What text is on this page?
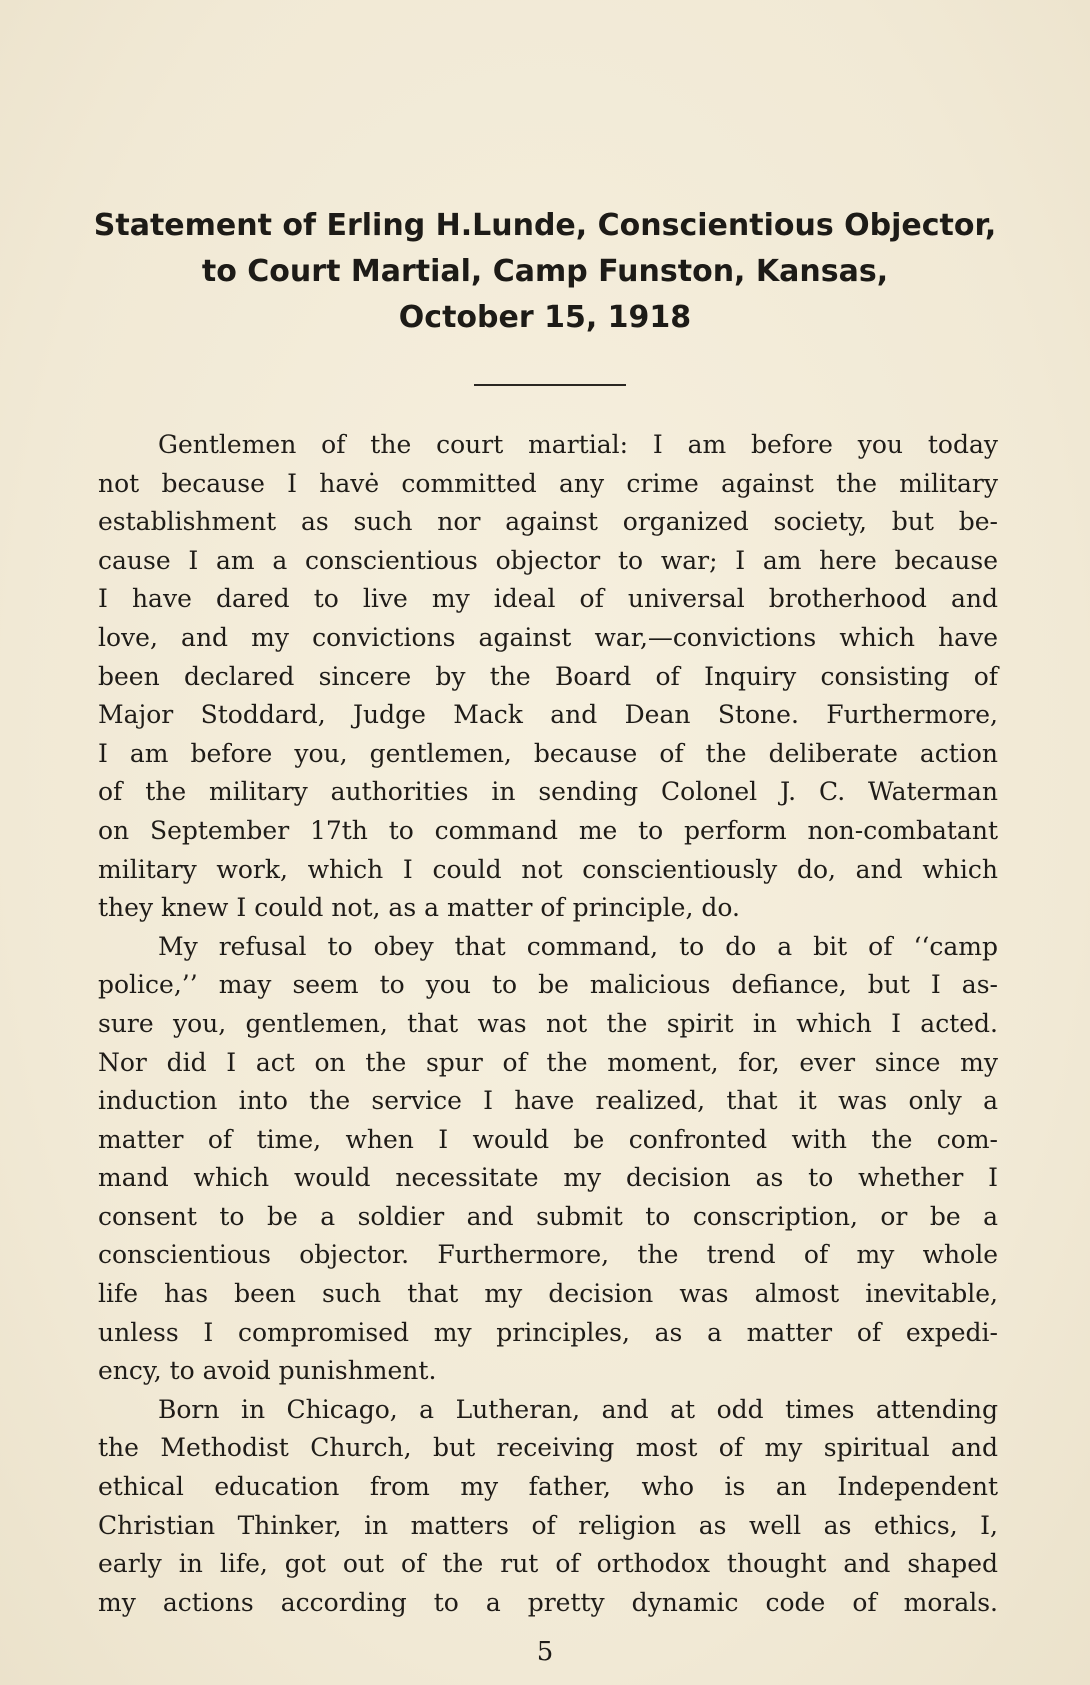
Statement of Erling H.Lunde, Conscientious Objector,
to Court Martial, Camp Funston, Kansas,
October 15, 1918
Gentlemen of the court martial: I am before you today
not because I havė committed any crime against the military
establishment as such nor against organized society, but be-
cause I am a conscientious objector to war; I am here because
I have dared to live my ideal of universal brotherhood and
love, and my convictions against war,—convictions which have
been declared sincere by the Board of Inquiry consisting of
Major Stoddard, Judge Mack and Dean Stone. Furthermore,
I am before you, gentlemen, because of the deliberate action
of the military authorities in sending Colonel J. C. Waterman
on September 17th to command me to perform non-combatant
military work, which I could not conscientiously do, and which
they knew I could not, as a matter of principle, do.
My refusal to obey that command, to do a bit of ‘‘camp
police,’’ may seem to you to be malicious defiance, but I as-
sure you, gentlemen, that was not the spirit in which I acted.
Nor did I act on the spur of the moment, for, ever since my
induction into the service I have realized, that it was only a
matter of time, when I would be confronted with the com-
mand which would necessitate my decision as to whether I
consent to be a soldier and submit to conscription, or be a
conscientious objector. Furthermore, the trend of my whole
life has been such that my decision was almost inevitable,
unless I compromised my principles, as a matter of expedi-
ency, to avoid punishment.
Born in Chicago, a Lutheran, and at odd times attending
the Methodist Church, but receiving most of my spiritual and
ethical education from my father, who is an Independent
Christian Thinker, in matters of religion as well as ethics, I,
early in life, got out of the rut of orthodox thought and shaped
my actions according to a pretty dynamic code of morals.
5
